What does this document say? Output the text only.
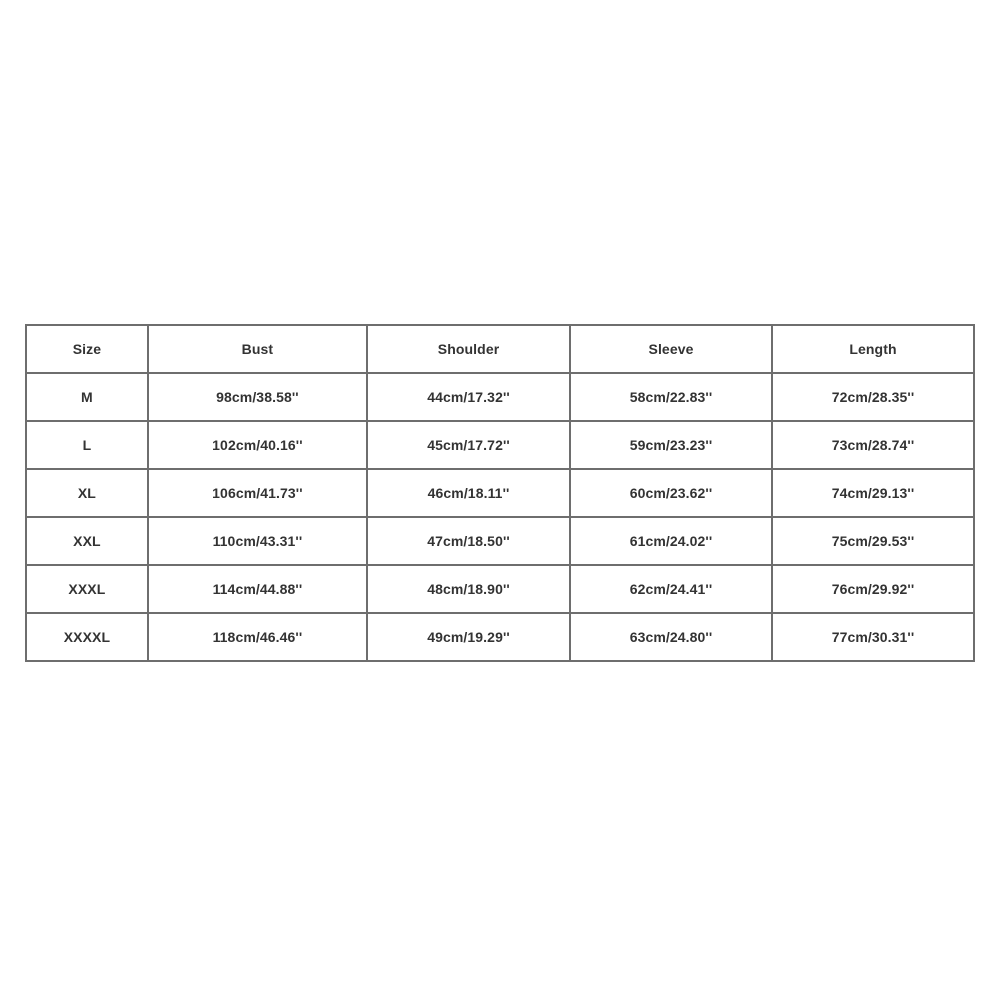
Size	Bust	Shoulder	Sleeve	Length
M	98cm/38.58''	44cm/17.32''	58cm/22.83''	72cm/28.35''
L	102cm/40.16''	45cm/17.72''	59cm/23.23''	73cm/28.74''
XL	106cm/41.73''	46cm/18.11''	60cm/23.62''	74cm/29.13''
XXL	110cm/43.31''	47cm/18.50''	61cm/24.02''	75cm/29.53''
XXXL	114cm/44.88''	48cm/18.90''	62cm/24.41''	76cm/29.92''
XXXXL	118cm/46.46''	49cm/19.29''	63cm/24.80''	77cm/30.31''
